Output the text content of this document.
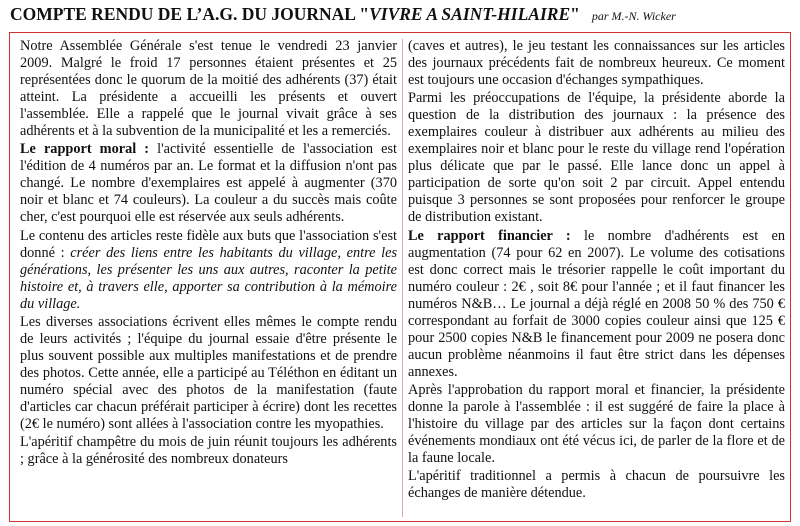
COMPTE RENDU DE L’A.G. DU JOURNAL "VIVRE A SAINT-HILAIRE" par M.-N. Wicker

Notre Assemblée Générale s'est tenue le vendredi 23 janvier 2009. Malgré le froid 17 personnes étaient présentes et 25 représentées donc le quorum de la moitié des adhérents (37) était atteint. La présidente a accueilli les présents et ouvert l'assemblée. Elle a rappelé que le journal vivait grâce à ses adhérents et à la subvention de la municipalité et les a remerciés.

Le rapport moral : l'activité essentielle de l'association est l'édition de 4 numéros par an. Le format et la diffusion n'ont pas changé. Le nombre d'exemplaires est appelé à augmenter (370 noir et blanc et 74 couleurs). La couleur a du succès mais coûte cher, c'est pourquoi elle est réservée aux seuls adhérents.

Le contenu des articles reste fidèle aux buts que l'association s'est donné : créer des liens entre les habitants du village, entre les générations, les présenter les uns aux autres, raconter la petite histoire et, à travers elle, apporter sa contribution à la mémoire du village.

Les diverses associations écrivent elles mêmes le compte rendu de leurs activités ; l'équipe du journal essaie d'être présente le plus souvent possible aux multiples manifestations et de prendre des photos. Cette année, elle a participé au Téléthon en éditant un numéro spécial avec des photos de la manifestation (faute d'articles car chacun préférait participer à écrire) dont les recettes (2€ le numéro) sont allées à l'association contre les myopathies.

L'apéritif champêtre du mois de juin réunit toujours les adhérents ; grâce à la générosité des nombreux donateurs

(caves et autres), le jeu testant les connaissances sur les articles des journaux précédents fait de nombreux heureux. Ce moment est toujours une occasion d'échanges sympathiques.

Parmi les préoccupations de l'équipe, la présidente aborde la question de la distribution des journaux : la présence des exemplaires couleur à distribuer aux adhérents au milieu des exemplaires noir et blanc pour le reste du village rend l'opération plus délicate que par le passé. Elle lance donc un appel à participation de sorte qu'on soit 2 par circuit. Appel entendu puisque 3 personnes se sont proposées pour renforcer le groupe de distribution existant.

Le rapport financier : le nombre d'adhérents est en augmentation (74 pour 62 en 2007). Le volume des cotisations est donc correct mais le trésorier rappelle le coût important du numéro couleur : 2€ , soit 8€ pour l'année ; et il faut financer les numéros N&B… Le journal a déjà réglé en 2008 50 % des 750 € correspondant au forfait de 3000 copies couleur ainsi que 125 € pour 2500 copies N&B le financement pour 2009 ne posera donc aucun problème néanmoins il faut être strict dans les dépenses annexes.

Après l'approbation du rapport moral et financier, la présidente donne la parole à l'assemblée : il est suggéré de faire la place à l'histoire du village par des articles sur la façon dont certains événements mondiaux ont été vécus ici, de parler de la flore et de la faune locale.

L'apéritif traditionnel a permis à chacun de poursuivre les échanges de manière détendue.
